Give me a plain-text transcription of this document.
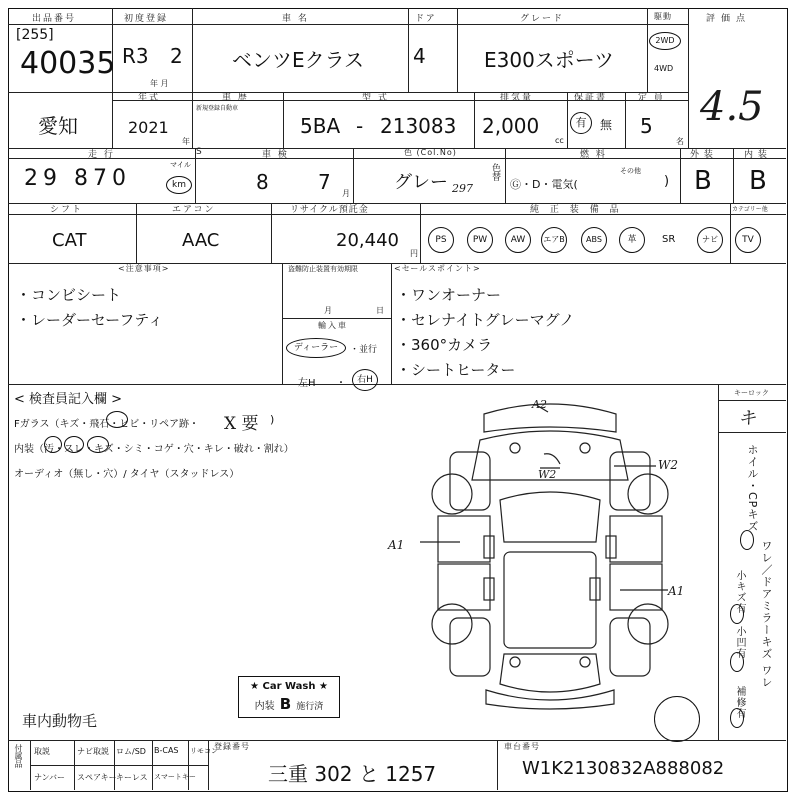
出品番号
[255]
40035
初度登録
R3 2
年 月
車 名
ベンツEクラス
ドア
4
グレード
E300スポーツ
駆動
2WD
4WD
評価点
4.5
愛知
年式
2021
年
車 歴
新規登録自動車
型 式
5BA - 213083
排気量
2,000
cc
保証書
有	無
定 員
5
名
走 行
29 870
マイル
km
S	車 検
8 7 月
色 (Col.No)
グレー 297
色替
燃 料
Ⓖ・D・電気(
その他
)
外 装
B
内 装
B
シフト
CAT
エアコン
AAC
リサイクル預託金
20,440
円
純 正 装 備 品	カテゴリー他
PS	PW	AW	エアB	ABS	革	SR	ナビ	TV
<注意事項>
・コンビシート
・レーダーセーフティ
盗難防止装置有効期限
月	日
輸入車
ディーラー	・並行
左H ・	右H
<セールスポイント>
・ワンオーナー
・セレナイトグレーマグノ
・360°カメラ
・シートヒーター
< 検査員記入欄 >
Fガラス（キズ・飛石・ヒビ・リペア跡・ X 要 )
内装（汚・スレ・キズ・シミ・コゲ・穴・キレ・破れ・割れ）
オーディオ（無し・穴）/ タイヤ（スタッドレス）
キーロック
キ
A2
W2
W2
A1
A1
★ Car Wash ★
内装 B 施行済
車内動物毛
ホイル・CPキズ
ワレ／ドアミラーキズ ワレ
小キズ有
小凹有
補修有
付属品 取説	ナビ取説 ロム/SD B-CAS リモコン
ナンバー スペアキー キーレス スマートキー
登録番号
三重 302 と 1257
車台番号
W1K2130832A888082
